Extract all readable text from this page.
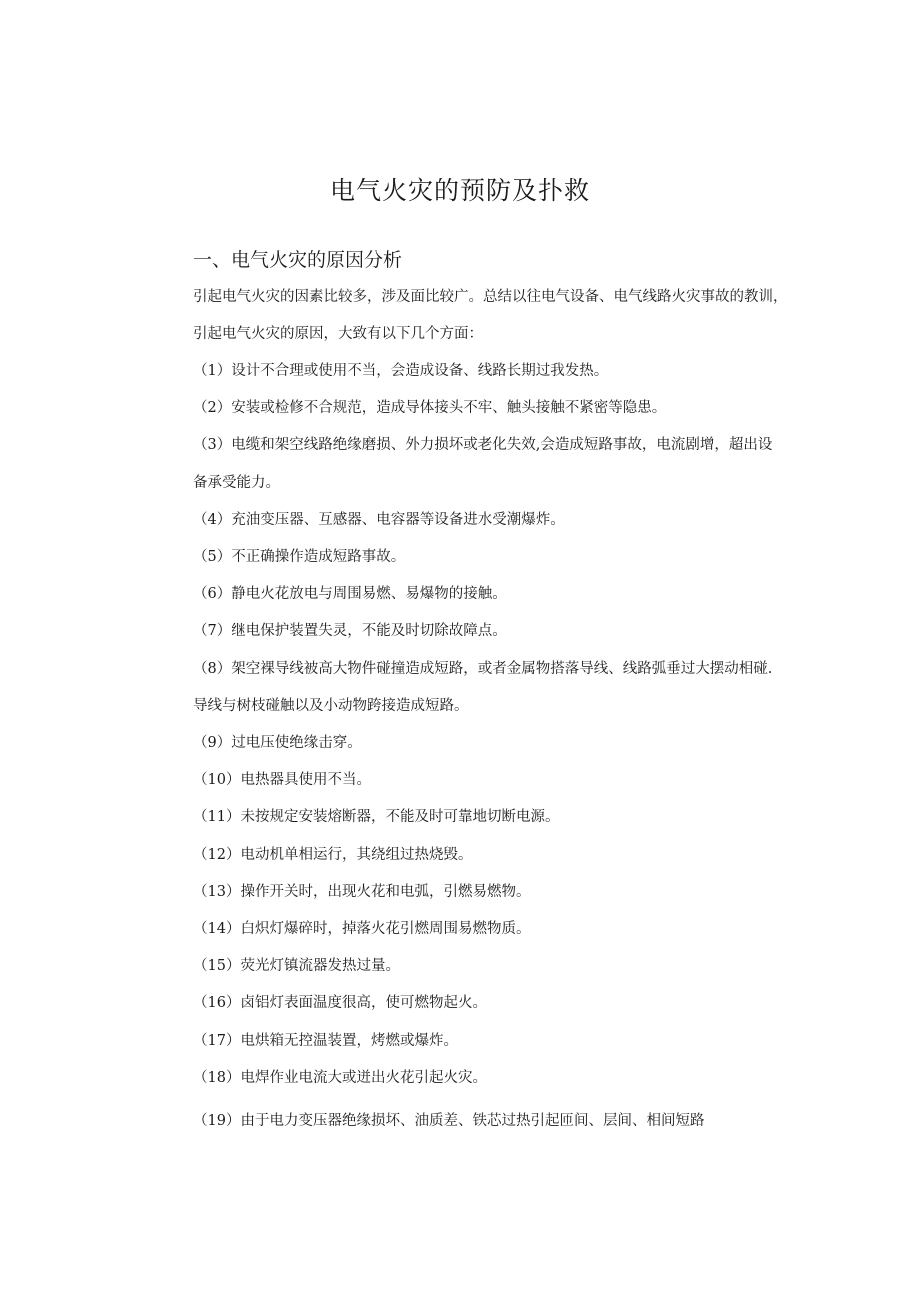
电气火灾的预防及扑救
一、电气火灾的原因分析
引起电气火灾的因素比较多，涉及面比较广。总结以往电气设备、电气线路火灾事故的教训，
引起电气火灾的原因，大致有以下几个方面：
（1）设计不合理或使用不当，会造成设备、线路长期过我发热。
（2）安装或检修不合规范，造成导体接头不牢、触头接触不紧密等隐患。
（3）电缆和架空线路绝缘磨损、外力损坏或老化失效,会造成短路事故，电流剧增，超出设
备承受能力。
（4）充油变压器、互感器、电容器等设备进水受潮爆炸。
（5）不正确操作造成短路事故。
（6）静电火花放电与周围易燃、易爆物的接触。
（7）继电保护装置失灵，不能及时切除故障点。
（8）架空裸导线被高大物件碰撞造成短路，或者金属物搭落导线、线路弧垂过大摆动相碰.
导线与树枝碰触以及小动物跨接造成短路。
（9）过电压使绝缘击穿。
（10）电热器具使用不当。
（11）未按规定安装熔断器，不能及时可靠地切断电源。
（12）电动机单相运行，其绕组过热烧毁。
（13）操作开关时，出现火花和电弧，引燃易燃物。
（14）白炽灯爆碎时，掉落火花引燃周围易燃物质。
（15）荧光灯镇流器发热过量。
（16）卤铝灯表面温度很高，使可燃物起火。
（17）电烘箱无控温装置，烤燃或爆炸。
（18）电焊作业电流大或迸出火花引起火灾。
（19）由于电力变压器绝缘损坏、油质差、铁芯过热引起匝间、层间、相间短路
